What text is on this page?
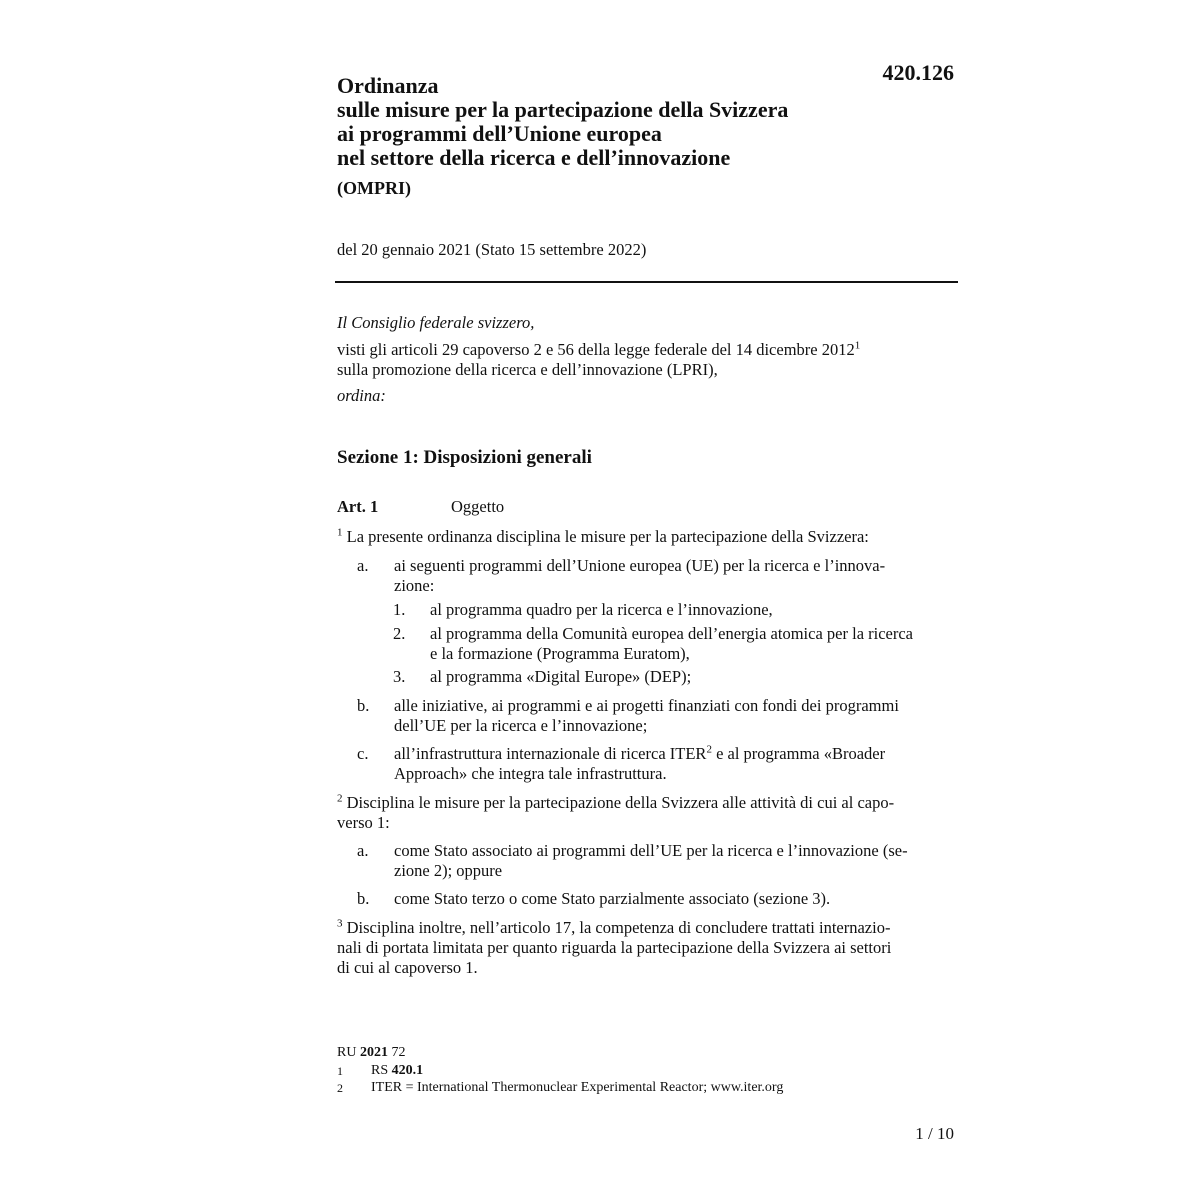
420.126
Ordinanza
sulle misure per la partecipazione della Svizzera
ai programmi dell’Unione europea
nel settore della ricerca e dell’innovazione
(OMPRI)
del 20 gennaio 2021 (Stato 15 settembre 2022)
Il Consiglio federale svizzero,
visti gli articoli 29 capoverso 2 e 56 della legge federale del 14 dicembre 2012$^1$
sulla promozione della ricerca e dell’innovazione (LPRI),
ordina:
Sezione 1: Disposizioni generali
Art. 1	Oggetto
$^1$ La presente ordinanza disciplina le misure per la partecipazione della Svizzera:
a. ai seguenti programmi dell’Unione europea (UE) per la ricerca e l’innova-
zione:
1. al programma quadro per la ricerca e l’innovazione,
2. al programma della Comunità europea dell’energia atomica per la ricerca
e la formazione (Programma Euratom),
3. al programma «Digital Europe» (DEP);
b. alle iniziative, ai programmi e ai progetti finanziati con fondi dei programmi
dell’UE per la ricerca e l’innovazione;
c. all’infrastruttura internazionale di ricerca ITER$^2$ e al programma «Broader
Approach» che integra tale infrastruttura.
$^2$ Disciplina le misure per la partecipazione della Svizzera alle attività di cui al capo-
verso 1:
a. come Stato associato ai programmi dell’UE per la ricerca e l’innovazione (se-
zione 2); oppure
b. come Stato terzo o come Stato parzialmente associato (sezione 3).
$^3$ Disciplina inoltre, nell’articolo 17, la competenza di concludere trattati internazio-
nali di portata limitata per quanto riguarda la partecipazione della Svizzera ai settori
di cui al capoverso 1.
RU 2021 72
1 RS 420.1
2 ITER = International Thermonuclear Experimental Reactor; www.iter.org
1 / 10
